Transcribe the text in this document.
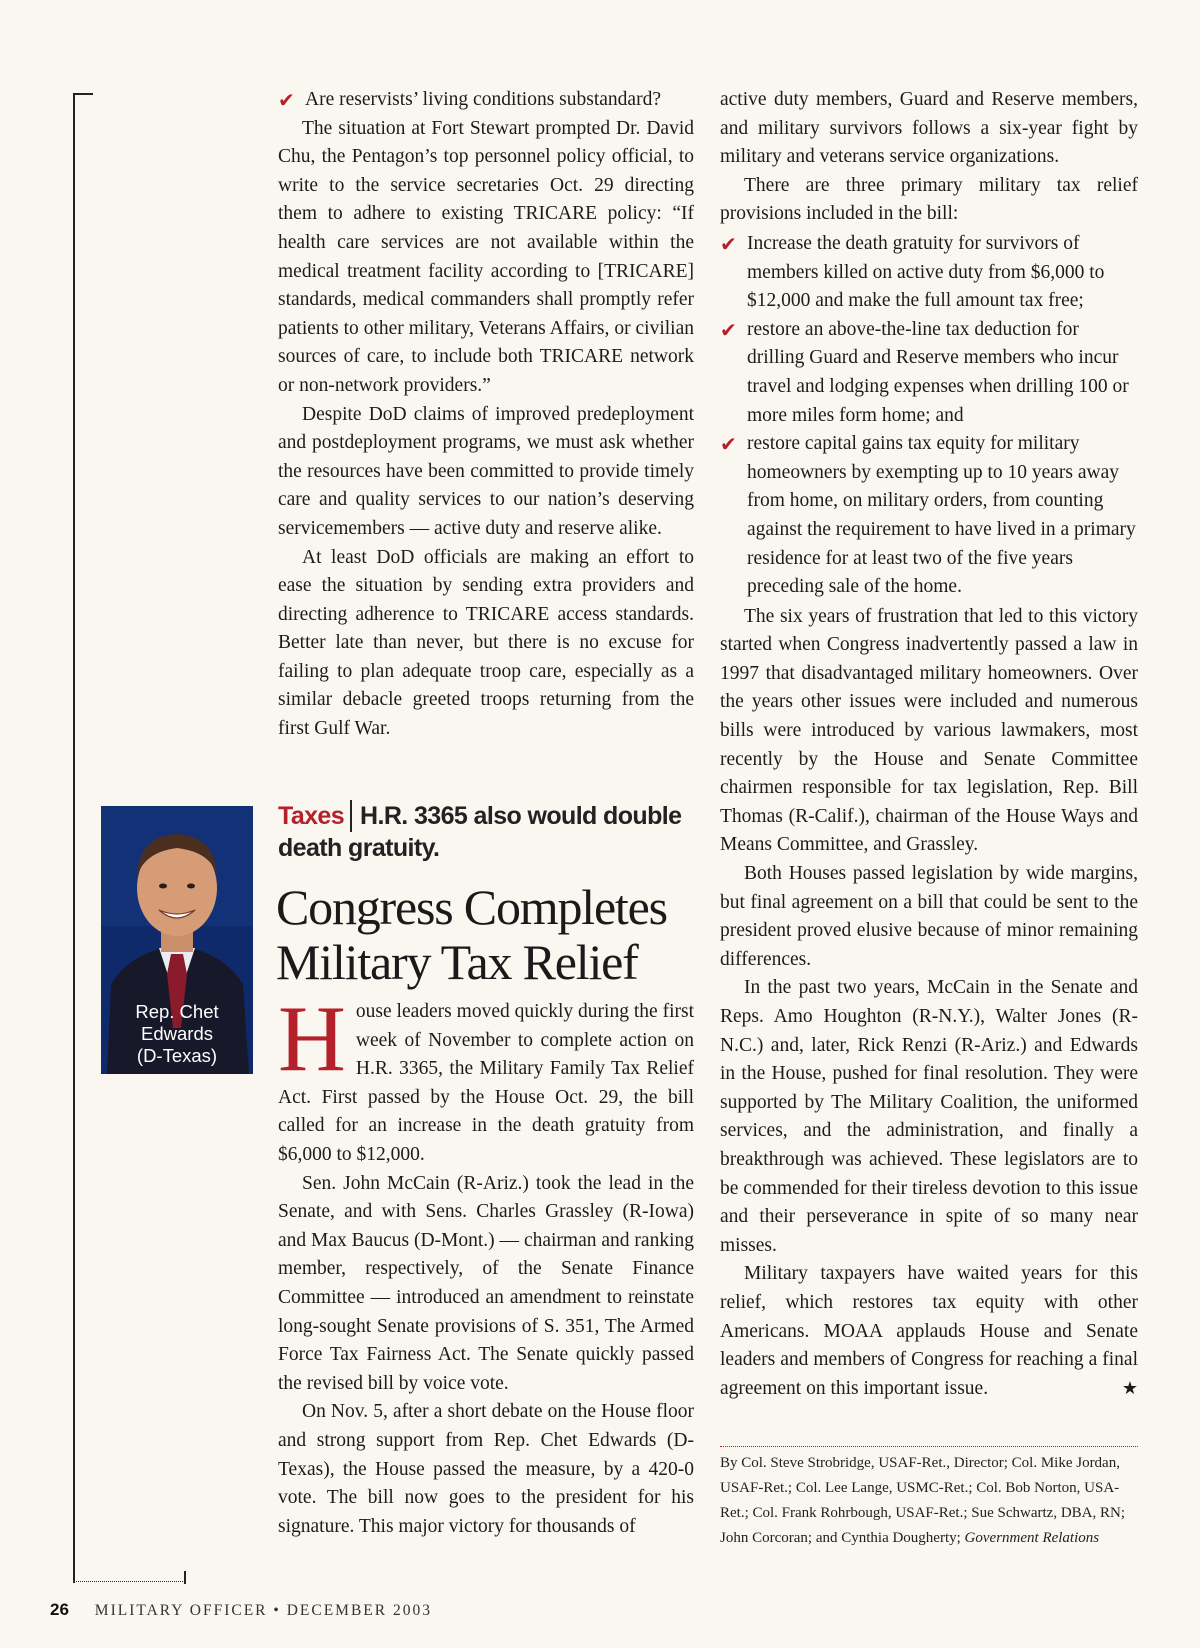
✔ Are reservists’ living conditions substandard?

The situation at Fort Stewart prompted Dr. David Chu, the Pentagon’s top personnel policy official, to write to the service secretaries Oct. 29 directing them to adhere to existing TRICARE policy: “If health care services are not available within the medical treatment facility according to [TRICARE] standards, medical commanders shall promptly refer patients to other military, Veterans Affairs, or civilian sources of care, to include both TRICARE network or non-network providers.”

Despite DoD claims of improved predeployment and postdeployment programs, we must ask whether the resources have been committed to provide timely care and quality services to our nation’s deserving servicemembers — active duty and reserve alike.

At least DoD officials are making an effort to ease the situation by sending extra providers and directing adherence to TRICARE access standards. Better late than never, but there is no excuse for failing to plan adequate troop care, especially as a similar debacle greeted troops returning from the first Gulf War.

Rep. Chet
Edwards
(D-Texas)
Taxes H.R. 3365 also would double death gratuity.
Congress Completes
Military Tax Relief

House leaders moved quickly during the first week of November to complete action on H.R. 3365, the Military Family Tax Relief Act. First passed by the House Oct. 29, the bill called for an increase in the death gratuity from $6,000 to $12,000.

Sen. John McCain (R-Ariz.) took the lead in the Senate, and with Sens. Charles Grassley (R-Iowa) and Max Baucus (D-Mont.) — chairman and ranking member, respectively, of the Senate Finance Committee — introduced an amendment to reinstate long-sought Senate provisions of S. 351, The Armed Force Tax Fairness Act. The Senate quickly passed the revised bill by voice vote.

On Nov. 5, after a short debate on the House floor and strong support from Rep. Chet Edwards (D-Texas), the House passed the measure, by a 420-0 vote. The bill now goes to the president for his signature. This major victory for thousands of

active duty members, Guard and Reserve members, and military survivors follows a six-year fight by military and veterans service organizations.

There are three primary military tax relief provisions included in the bill:

✔ Increase the death gratuity for survivors of members killed on active duty from $6,000 to $12,000 and make the full amount tax free;
✔ restore an above-the-line tax deduction for drilling Guard and Reserve members who incur travel and lodging expenses when drilling 100 or more miles form home; and
✔ restore capital gains tax equity for military homeowners by exempting up to 10 years away from home, on military orders, from counting against the requirement to have lived in a primary residence for at least two of the five years preceding sale of the home.

The six years of frustration that led to this victory started when Congress inadvertently passed a law in 1997 that disadvantaged military homeowners. Over the years other issues were included and numerous bills were introduced by various lawmakers, most recently by the House and Senate Committee chairmen responsible for tax legislation, Rep. Bill Thomas (R-Calif.), chairman of the House Ways and Means Committee, and Grassley.

Both Houses passed legislation by wide margins, but final agreement on a bill that could be sent to the president proved elusive because of minor remaining differences.

In the past two years, McCain in the Senate and Reps. Amo Houghton (R-N.Y.), Walter Jones (R-N.C.) and, later, Rick Renzi (R-Ariz.) and Edwards in the House, pushed for final resolution. They were supported by The Military Coalition, the uniformed services, and the administration, and finally a breakthrough was achieved. These legislators are to be commended for their tireless devotion to this issue and their perseverance in spite of so many near misses.

Military taxpayers have waited years for this relief, which restores tax equity with other Americans. MOAA applauds House and Senate leaders and members of Congress for reaching a final agreement on this important issue.	★

By Col. Steve Strobridge, USAF-Ret., Director; Col. Mike Jordan, USAF-Ret.; Col. Lee Lange, USMC-Ret.; Col. Bob Norton, USA-Ret.; Col. Frank Rohrbough, USAF-Ret.; Sue Schwartz, DBA, RN; John Corcoran; and Cynthia Dougherty; Government Relations
26 MILITARY OFFICER • DECEMBER 2003
